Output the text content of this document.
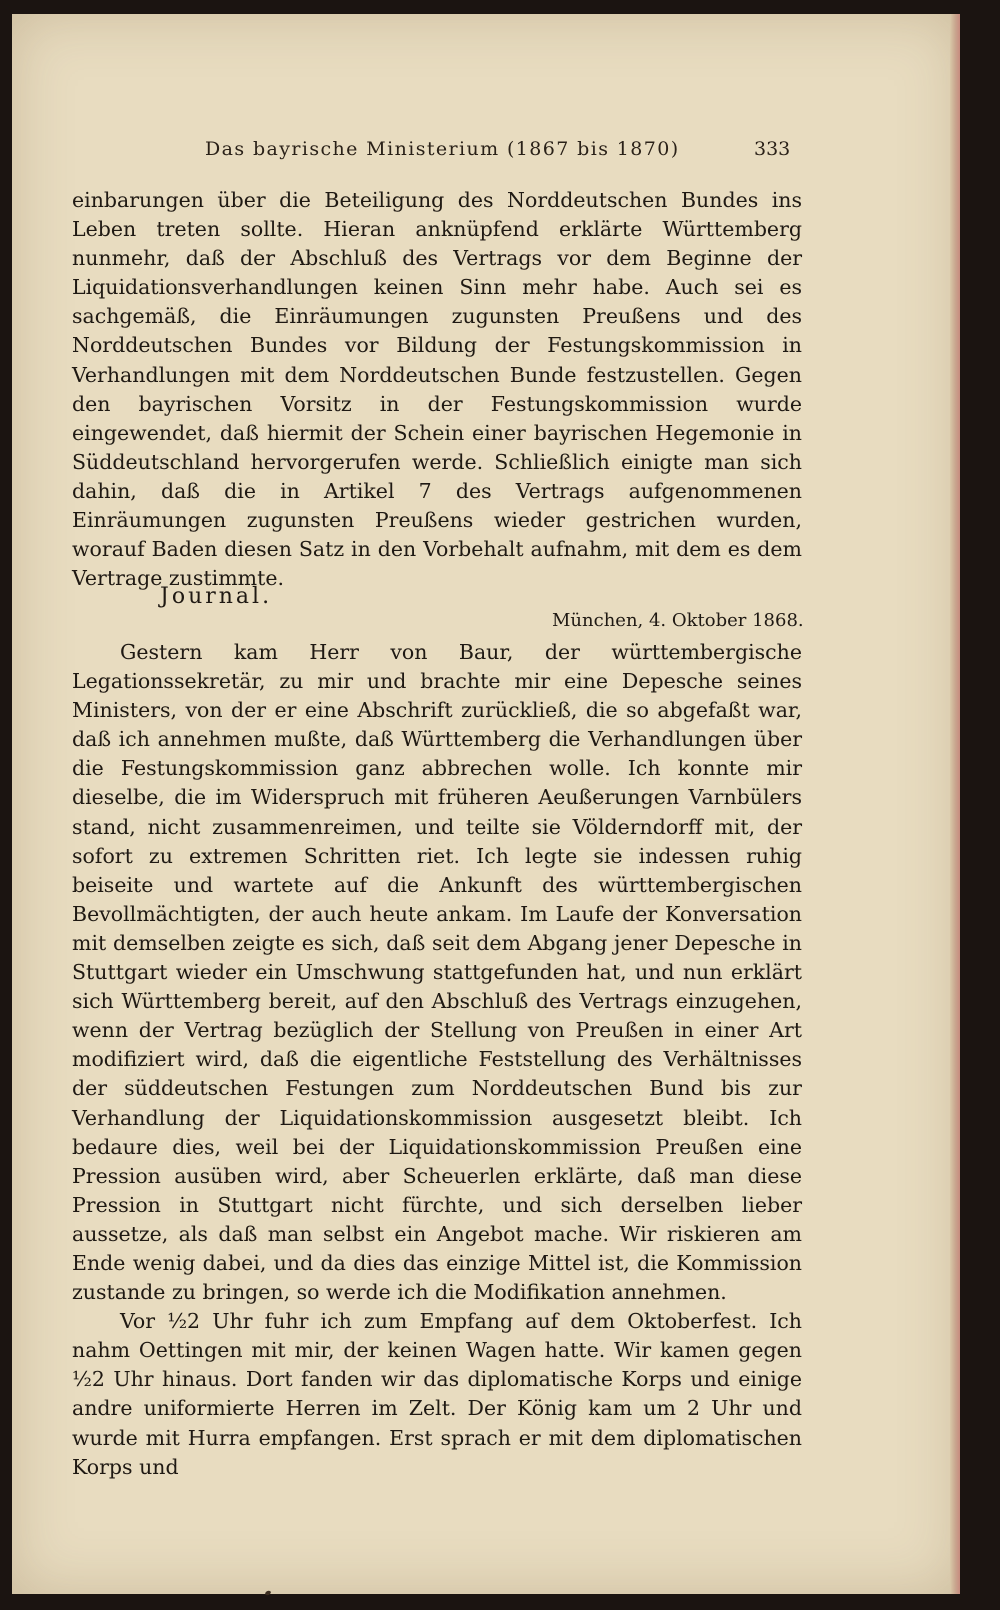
Das bayrische Ministerium (1867 bis 1870)	333

einbarungen über die Beteiligung des Norddeutschen Bundes ins Leben treten sollte. Hieran anknüpfend erklärte Württemberg nunmehr, daß der Abschluß des Vertrags vor dem Beginne der Liquidationsverhandlungen keinen Sinn mehr habe. Auch sei es sachgemäß, die Einräumungen zugunsten Preußens und des Norddeutschen Bundes vor Bildung der Festungskommission in Verhandlungen mit dem Norddeutschen Bunde festzustellen. Gegen den bayrischen Vorsitz in der Festungskommission wurde eingewendet, daß hiermit der Schein einer bayrischen Hegemonie in Süddeutschland hervorgerufen werde. Schließlich einigte man sich dahin, daß die in Artikel 7 des Vertrags aufgenommenen Einräumungen zugunsten Preußens wieder gestrichen wurden, worauf Baden diesen Satz in den Vorbehalt aufnahm, mit dem es dem Vertrage zustimmte.

Journal.
München, 4. Oktober 1868.

Gestern kam Herr von Baur, der württembergische Legationssekretär, zu mir und brachte mir eine Depesche seines Ministers, von der er eine Abschrift zurückließ, die so abgefaßt war, daß ich annehmen mußte, daß Württemberg die Verhandlungen über die Festungskommission ganz abbrechen wolle. Ich konnte mir dieselbe, die im Widerspruch mit früheren Aeußerungen Varnbülers stand, nicht zusammenreimen, und teilte sie Völderndorff mit, der sofort zu extremen Schritten riet. Ich legte sie indessen ruhig beiseite und wartete auf die Ankunft des württembergischen Bevollmächtigten, der auch heute ankam. Im Laufe der Konversation mit demselben zeigte es sich, daß seit dem Abgang jener Depesche in Stuttgart wieder ein Umschwung stattgefunden hat, und nun erklärt sich Württemberg bereit, auf den Abschluß des Vertrags einzugehen, wenn der Vertrag bezüglich der Stellung von Preußen in einer Art modifiziert wird, daß die eigentliche Feststellung des Verhältnisses der süddeutschen Festungen zum Norddeutschen Bund bis zur Verhandlung der Liquidationskommission ausgesetzt bleibt. Ich bedaure dies, weil bei der Liquidationskommission Preußen eine Pression ausüben wird, aber Scheuerlen erklärte, daß man diese Pression in Stuttgart nicht fürchte, und sich derselben lieber aussetze, als daß man selbst ein Angebot mache. Wir riskieren am Ende wenig dabei, und da dies das einzige Mittel ist, die Kommission zustande zu bringen, so werde ich die Modifikation annehmen.

Vor ½2 Uhr fuhr ich zum Empfang auf dem Oktoberfest. Ich nahm Oettingen mit mir, der keinen Wagen hatte. Wir kamen gegen ½2 Uhr hinaus. Dort fanden wir das diplomatische Korps und einige andre uniformierte Herren im Zelt. Der König kam um 2 Uhr und wurde mit Hurra empfangen. Erst sprach er mit dem diplomatischen Korps und
